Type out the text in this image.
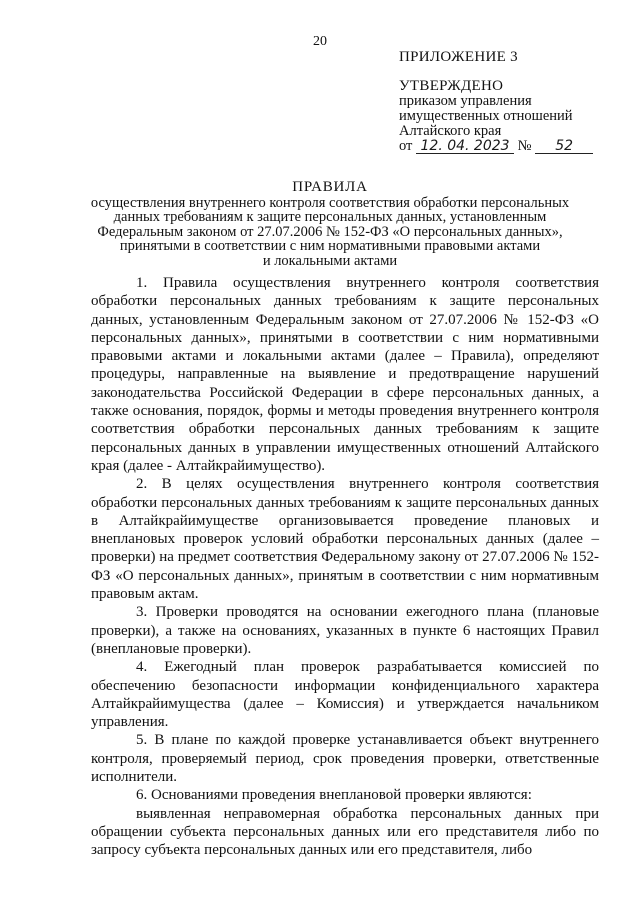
20
ПРИЛОЖЕНИЕ 3
УТВЕРЖДЕНО
приказом управления
имущественных отношений
Алтайского края
от 12. 04. 2023 № 52
ПРАВИЛА
осуществления внутреннего контроля соответствия обработки персональных
данных требованиям к защите персональных данных, установленным
Федеральным законом от 27.07.2006 № 152-ФЗ «О персональных данных»,
принятыми в соответствии с ним нормативными правовыми актами
и локальными актами

1. Правила осуществления внутреннего контроля соответствия обработки персональных данных требованиям к защите персональных данных, установленным Федеральным законом от 27.07.2006 № 152-ФЗ «О персональных данных», принятыми в соответствии с ним нормативными правовыми актами и локальными актами (далее – Правила), определяют процедуры, направленные на выявление и предотвращение нарушений законодательства Российской Федерации в сфере персональных данных, а также основания, порядок, формы и методы проведения внутреннего контроля соответствия обработки персональных данных требованиям к защите персональных данных в управлении имущественных отношений Алтайского края (далее - Алтайкрайимущество).

2. В целях осуществления внутреннего контроля соответствия обработки персональных данных требованиям к защите персональных данных в Алтайкрайимуществе организовывается проведение плановых и внеплановых проверок условий обработки персональных данных (далее – проверки) на предмет соответствия Федеральному закону от 27.07.2006 № 152-ФЗ «О персональных данных», принятым в соответствии с ним нормативным правовым актам.

3. Проверки проводятся на основании ежегодного плана (плановые проверки), а также на основаниях, указанных в пункте 6 настоящих Правил (внеплановые проверки).

4. Ежегодный план проверок разрабатывается комиссией по обеспечению безопасности информации конфиденциального характера Алтайкрайимущества (далее – Комиссия) и утверждается начальником управления.

5. В плане по каждой проверке устанавливается объект внутреннего контроля, проверяемый период, срок проведения проверки, ответственные исполнители.

6. Основаниями проведения внеплановой проверки являются:

выявленная неправомерная обработка персональных данных при обращении субъекта персональных данных или его представителя либо по запросу субъекта персональных данных или его представителя, либо
